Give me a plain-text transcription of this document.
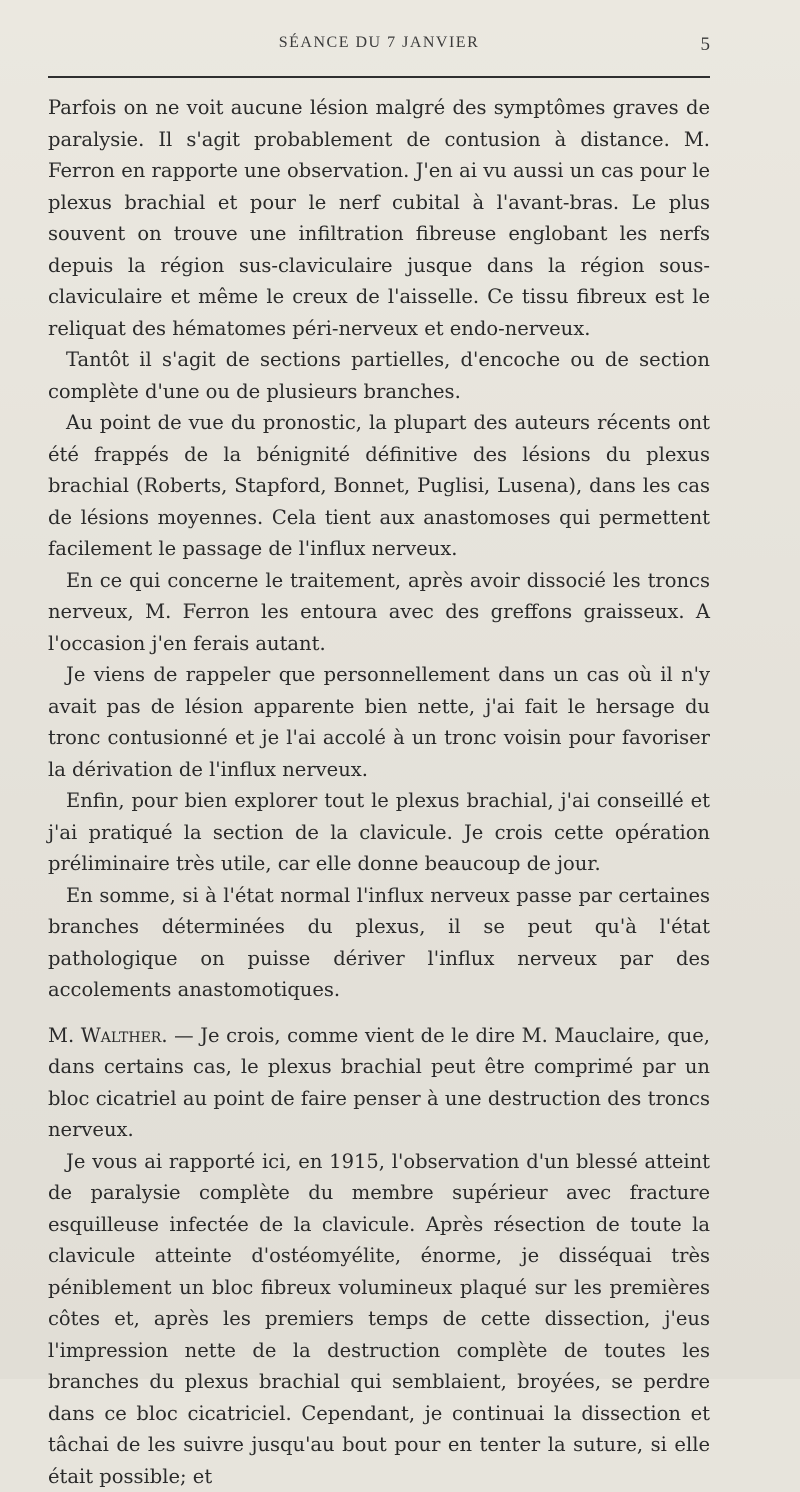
SÉANCE DU 7 JANVIER	5

Parfois on ne voit aucune lésion malgré des symptômes graves de paralysie. Il s'agit probablement de contusion à distance. M. Ferron en rapporte une observation. J'en ai vu aussi un cas pour le plexus brachial et pour le nerf cubital à l'avant-bras. Le plus souvent on trouve une infiltration fibreuse englobant les nerfs depuis la région sus-claviculaire jusque dans la région sous-claviculaire et même le creux de l'aisselle. Ce tissu fibreux est le reliquat des hématomes péri-nerveux et endo-nerveux.

Tantôt il s'agit de sections partielles, d'encoche ou de section complète d'une ou de plusieurs branches.

Au point de vue du pronostic, la plupart des auteurs récents ont été frappés de la bénignité définitive des lésions du plexus brachial (Roberts, Stapford, Bonnet, Puglisi, Lusena), dans les cas de lésions moyennes. Cela tient aux anastomoses qui permettent facilement le passage de l'influx nerveux.

En ce qui concerne le traitement, après avoir dissocié les troncs nerveux, M. Ferron les entoura avec des greffons graisseux. A l'occasion j'en ferais autant.

Je viens de rappeler que personnellement dans un cas où il n'y avait pas de lésion apparente bien nette, j'ai fait le hersage du tronc contusionné et je l'ai accolé à un tronc voisin pour favoriser la dérivation de l'influx nerveux.

Enfin, pour bien explorer tout le plexus brachial, j'ai conseillé et j'ai pratiqué la section de la clavicule. Je crois cette opération préliminaire très utile, car elle donne beaucoup de jour.

En somme, si à l'état normal l'influx nerveux passe par certaines branches déterminées du plexus, il se peut qu'à l'état pathologique on puisse dériver l'influx nerveux par des accolements anastomotiques.

M. Walther. — Je crois, comme vient de le dire M. Mauclaire, que, dans certains cas, le plexus brachial peut être comprimé par un bloc cicatriel au point de faire penser à une destruction des troncs nerveux.

Je vous ai rapporté ici, en 1915, l'observation d'un blessé atteint de paralysie complète du membre supérieur avec fracture esquilleuse infectée de la clavicule. Après résection de toute la clavicule atteinte d'ostéomyélite, énorme, je disséquai très péniblement un bloc fibreux volumineux plaqué sur les premières côtes et, après les premiers temps de cette dissection, j'eus l'impression nette de la destruction complète de toutes les branches du plexus brachial qui semblaient, broyées, se perdre dans ce bloc cicatriciel. Cependant, je continuai la dissection et tâchai de les suivre jusqu'au bout pour en tenter la suture, si elle était possible; et
